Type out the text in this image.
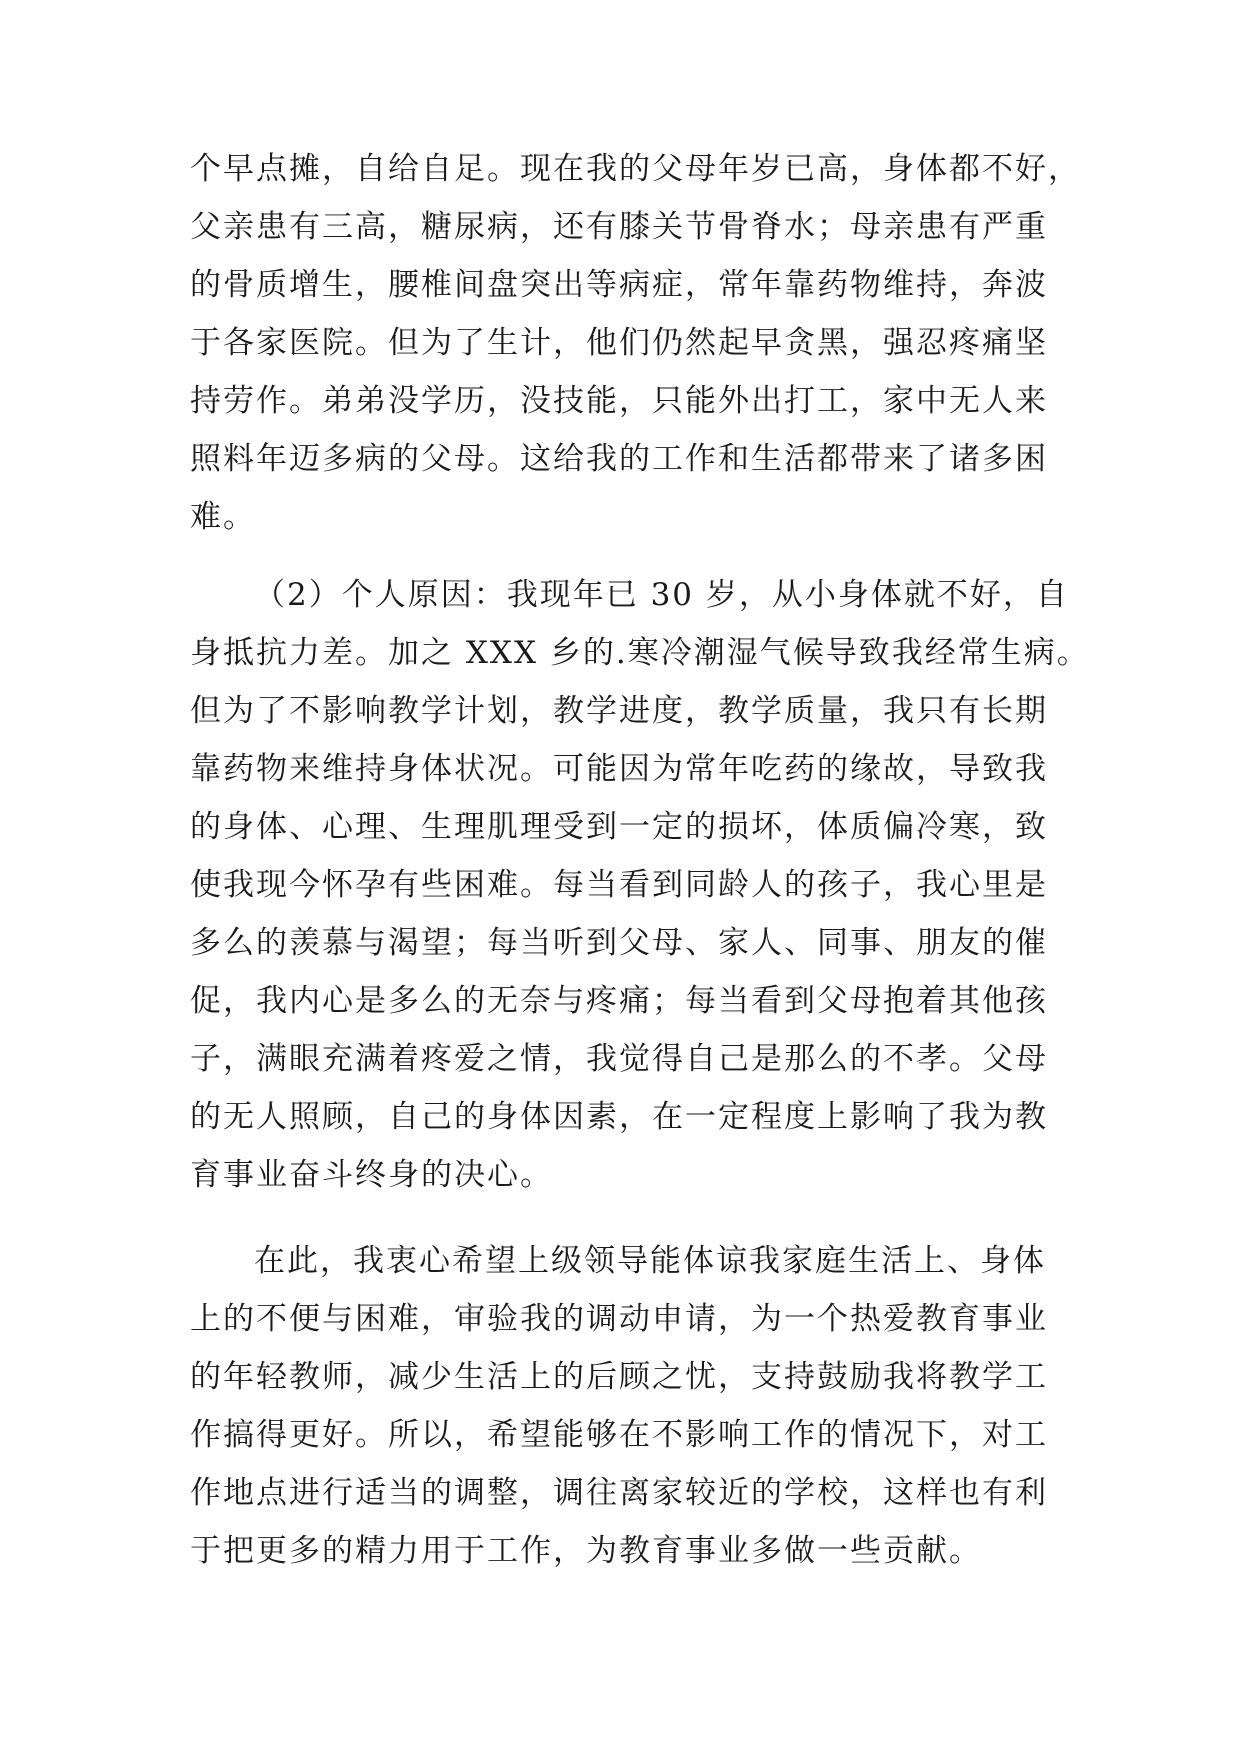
个早点摊，自给自足。现在我的父母年岁已高，身体都不好，
父亲患有三高，糖尿病，还有膝关节骨脊水；母亲患有严重
的骨质增生，腰椎间盘突出等病症，常年靠药物维持，奔波
于各家医院。但为了生计，他们仍然起早贪黑，强忍疼痛坚
持劳作。弟弟没学历，没技能，只能外出打工，家中无人来
照料年迈多病的父母。这给我的工作和生活都带来了诸多困
难。
（2）个人原因：我现年已 30 岁，从小身体就不好，自
身抵抗力差。加之 XXX 乡的.寒冷潮湿气候导致我经常生病。
但为了不影响教学计划，教学进度，教学质量，我只有长期
靠药物来维持身体状况。可能因为常年吃药的缘故，导致我
的身体、心理、生理肌理受到一定的损坏，体质偏冷寒，致
使我现今怀孕有些困难。每当看到同龄人的孩子，我心里是
多么的羡慕与渴望；每当听到父母、家人、同事、朋友的催
促，我内心是多么的无奈与疼痛；每当看到父母抱着其他孩
子，满眼充满着疼爱之情，我觉得自己是那么的不孝。父母
的无人照顾，自己的身体因素，在一定程度上影响了我为教
育事业奋斗终身的决心。
在此，我衷心希望上级领导能体谅我家庭生活上、身体
上的不便与困难，审验我的调动申请，为一个热爱教育事业
的年轻教师，减少生活上的后顾之忧，支持鼓励我将教学工
作搞得更好。所以，希望能够在不影响工作的情况下，对工
作地点进行适当的调整，调往离家较近的学校，这样也有利
于把更多的精力用于工作，为教育事业多做一些贡献。
